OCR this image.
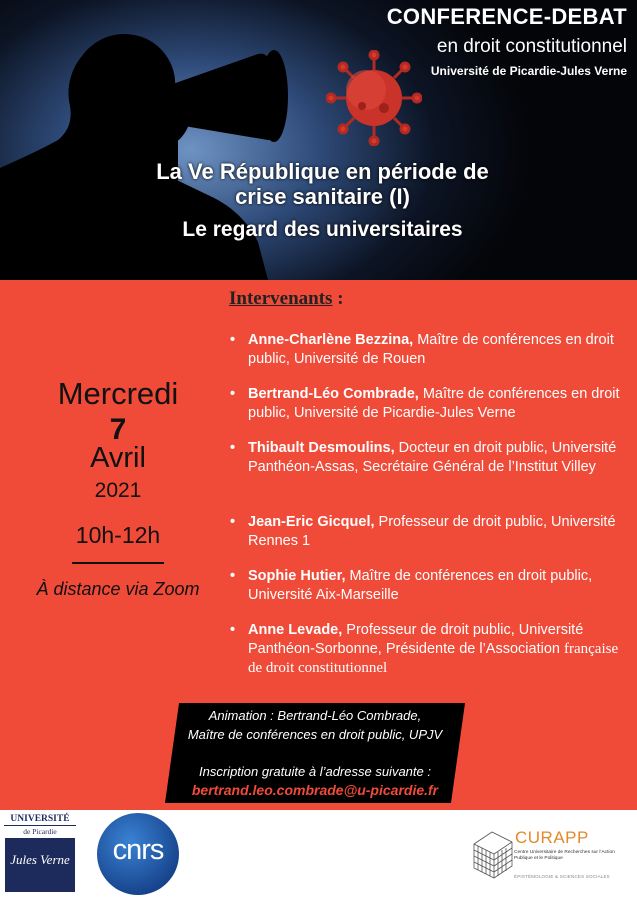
CONFERENCE-DEBAT
en droit constitutionnel
Université de Picardie-Jules Verne
La Ve République en période de
crise sanitaire (I)
Le regard des universitaires
Intervenants :
• Anne-Charlène Bezzina, Maître de conférences en droit public, Université de Rouen
• Bertrand-Léo Combrade, Maître de conférences en droit public, Université de Picardie-Jules Verne
• Thibault Desmoulins, Docteur en droit public, Université Panthéon-Assas, Secrétaire Général de l’Institut Villey
• Jean-Eric Gicquel, Professeur de droit public, Université Rennes 1
• Sophie Hutier, Maître de conférences en droit public, Université Aix-Marseille
• Anne Levade, Professeur de droit public, Université Panthéon-Sorbonne, Présidente de l’Association française de droit constitutionnel
Mercredi
7
Avril
2021
10h-12h
À distance via Zoom
Animation : Bertrand-Léo Combrade,
Maître de conférences en droit public, UPJV
Inscription gratuite à l’adresse suivante :
bertrand.leo.combrade@u-picardie.fr
UNIVERSITÉ
de Picardie
Jules Verne	cnrs	CURAPP
Centre Universitaire de Recherches sur l’Action Publique et le Politique
ÉPISTÉMOLOGIE & SCIENCES SOCIALES
